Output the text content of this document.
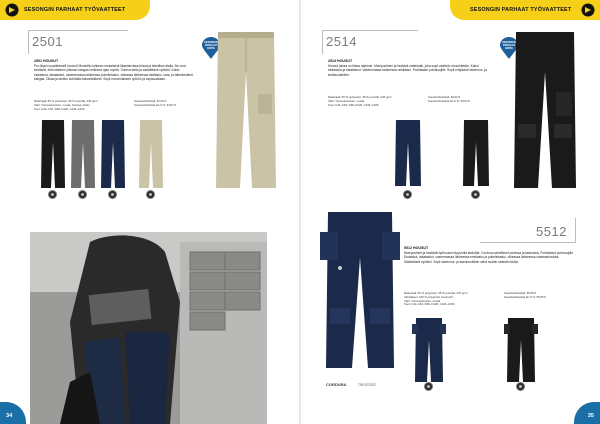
SESONGIN PARHAAT TYÖVAATTEET	SESONGIN PARHAAT TYÖVAATTEET
2501	SESONGIN PARHAAT HINTA
2501 HOUSUT
Pro-linjan suosikkimalli housut! Muotoiltu lahkeen mukaisesti likaantuvissa töissä ja tekniikan alalla. Ne ovat kestävät, eikä lahkeen yläosan kangas heikkene ajan myötä. Tukeva taitto ja säädettävä vyötärö. Kaksi etutaskua, takataskut, vasemmassa lahkeessa puhelintasku, oikeassa lahkeessa lisätasku, vara- ja taittokestävä kangas. Olkaa ja lantion kohdalla lisävahvikkeet. Sopii monenlaiseen työhön ja vapaa-aikaan.
Materiaali: 65 % polyesteri, 35 % puuvilla, 245 g/m²
Värit: Tummansininen, musta, harmaa, khaki
Koot: C44–C62, D96–D120, C146–C156
Suositushinta/kpl: 42,00 €
Suositushinta/kpl alv 0 %: 33,87 €
2514	SESONGIN PARHAAT HINTA
2514 HOUSUT
Housut joissa on tilava rakenne. Monipuolinen ja kestävä materiaali, joka sopii vaativiin olosuhteisiin. Kaksi etutaskua ja takataskut. Vasemmassa lahkeessa reisitasku. Polvitaskut polvisuojille. Sopii erityisesti rakennus- ja teollisuustöihin.
Materiaali: 65 % polyesteri, 35 % puuvilla, 245 g/m²
Värit: Tummansininen, musta
Koot: C44–C62, D96–D120, C146–C156
Suositushinta/kpl: 49,00 €
Suositushinta/kpl alv 0 %: 39,52 €
5512
5512 HOUSUT
Monipuoliset ja kestävät työhousut riippuvilla taskuilla. Cordura-vahvikkeet polvissa ja taskuissa. Polvitaskut polvisuojille. Etutaskut, takataskut, vasemmassa lahkeessa reisitasku ja puhelintasku, oikeassa lahkeessa vasarasilmukka. Säädettävä vyötärö. Sopii rakennus- ja asennustöihin sekä muihin vaativiin töihin.
Materiaali: 65 % polyesteri, 35 % puuvilla, 270 g/m²
Vahvikkeet: 100 % polyamidi, Cordura®
Värit: Tummansininen, musta
Koot: C44–C62, D96–D120, C146–C156
Suositushinta/kpl: 69,00 €
Suositushinta/kpl alv 0 %: 55,65 €
CORDURA	TRIOSTATIC
34	35
